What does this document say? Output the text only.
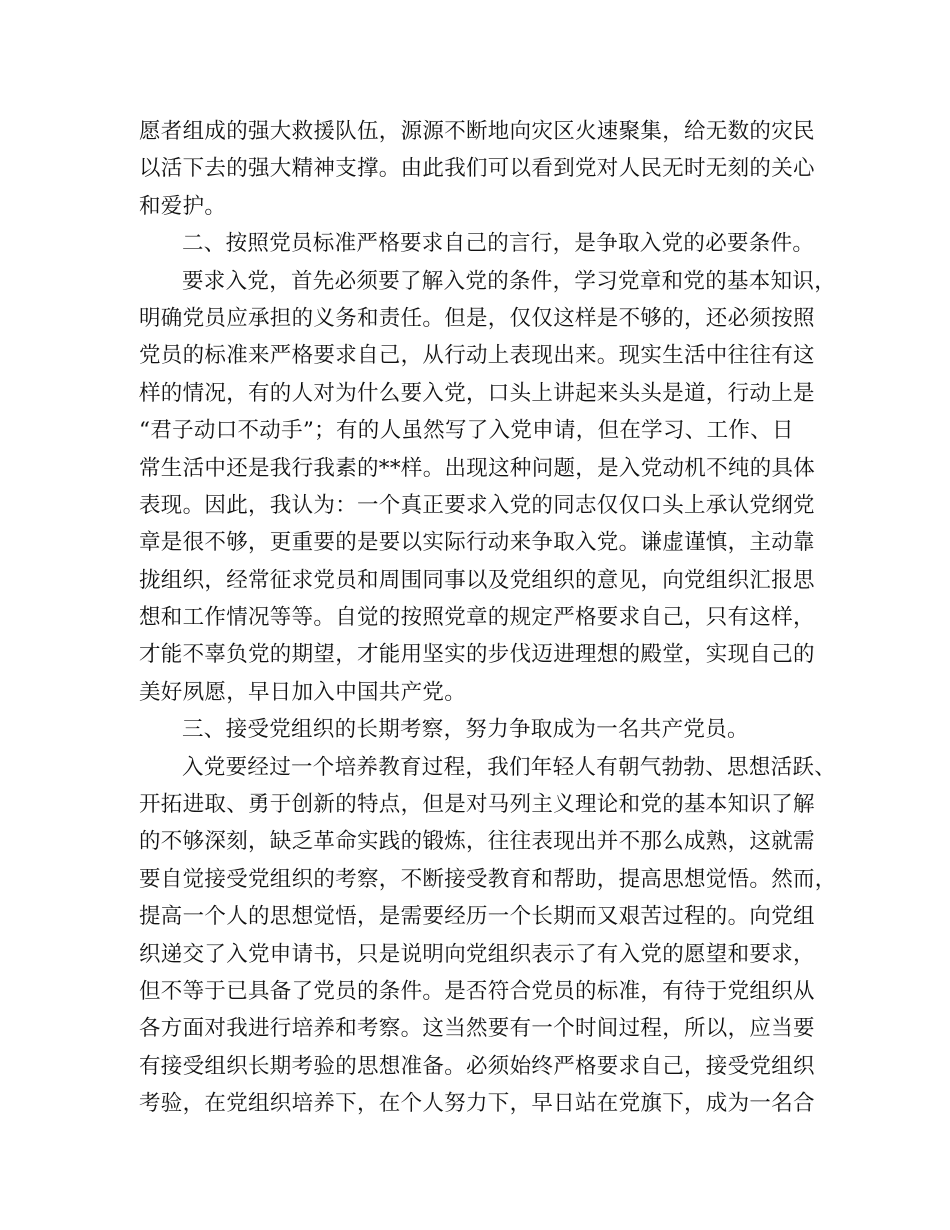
愿者组成的强大救援队伍，源源不断地向灾区火速聚集，给无数的灾民
以活下去的强大精神支撑。由此我们可以看到党对人民无时无刻的关心
和爱护。
二、按照党员标准严格要求自己的言行，是争取入党的必要条件。
要求入党，首先必须要了解入党的条件，学习党章和党的基本知识，
明确党员应承担的义务和责任。但是，仅仅这样是不够的，还必须按照
党员的标准来严格要求自己，从行动上表现出来。现实生活中往往有这
样的情况，有的人对为什么要入党，口头上讲起来头头是道，行动上是
“君子动口不动手”；有的人虽然写了入党申请，但在学习、工作、日
常生活中还是我行我素的**样。出现这种问题，是入党动机不纯的具体
表现。因此，我认为：一个真正要求入党的同志仅仅口头上承认党纲党
章是很不够，更重要的是要以实际行动来争取入党。谦虚谨慎，主动靠
拢组织，经常征求党员和周围同事以及党组织的意见，向党组织汇报思
想和工作情况等等。自觉的按照党章的规定严格要求自己，只有这样，
才能不辜负党的期望，才能用坚实的步伐迈进理想的殿堂，实现自己的
美好夙愿，早日加入中国共产党。
三、接受党组织的长期考察，努力争取成为一名共产党员。
入党要经过一个培养教育过程，我们年轻人有朝气勃勃、思想活跃、
开拓进取、勇于创新的特点，但是对马列主义理论和党的基本知识了解
的不够深刻，缺乏革命实践的锻炼，往往表现出并不那么成熟，这就需
要自觉接受党组织的考察，不断接受教育和帮助，提高思想觉悟。然而，
提高一个人的思想觉悟，是需要经历一个长期而又艰苦过程的。向党组
织递交了入党申请书，只是说明向党组织表示了有入党的愿望和要求，
但不等于已具备了党员的条件。是否符合党员的标准，有待于党组织从
各方面对我进行培养和考察。这当然要有一个时间过程，所以，应当要
有接受组织长期考验的思想准备。必须始终严格要求自己，接受党组织
考验，在党组织培养下，在个人努力下，早日站在党旗下，成为一名合
